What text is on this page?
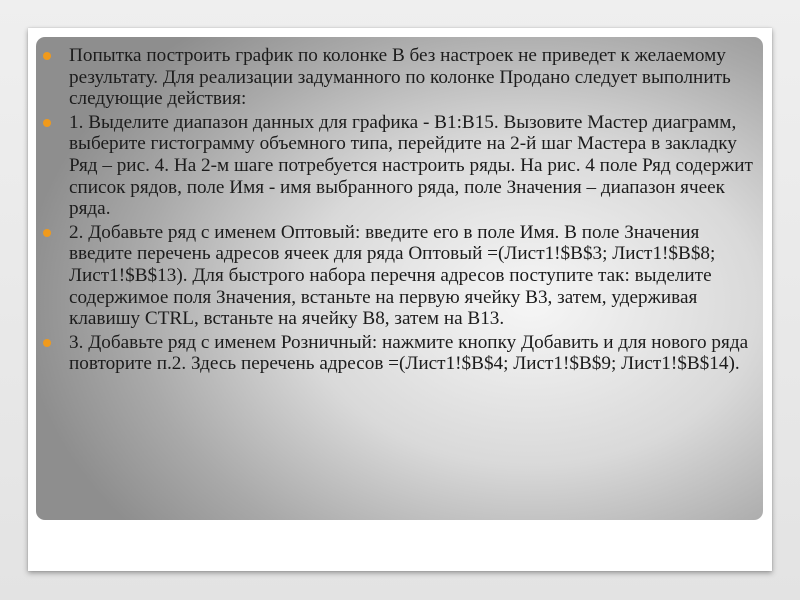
Попытка построить график по колонке В без настроек не приведет к желаемому результату. Для реализации задуманного по колонке Продано следует выполнить следующие действия:
1. Выделите диапазон данных для графика - В1:В15. Вызовите Мастер диаграмм, выберите гистограмму объемного типа, перейдите на 2-й шаг Мастера в закладку Ряд – рис. 4. На 2-м шаге потребуется настроить ряды. На рис. 4 поле Ряд содержит список рядов, поле Имя - имя выбранного ряда, поле Значения – диапазон ячеек ряда.
2. Добавьте ряд с именем Оптовый: введите его в поле Имя. В поле Значения введите перечень адресов ячеек для ряда Оптовый =(Лист1!$B$3; Лист1!$B$8; Лист1!$B$13). Для быстрого набора перечня адресов поступите так: выделите содержимое поля Значения, встаньте на первую ячейку В3, затем, удерживая клавишу CTRL, встаньте на ячейку В8, затем на В13.
3. Добавьте ряд с именем Розничный: нажмите кнопку Добавить и для нового ряда повторите п.2. Здесь перечень адресов =(Лист1!$B$4; Лист1!$B$9; Лист1!$B$14).
